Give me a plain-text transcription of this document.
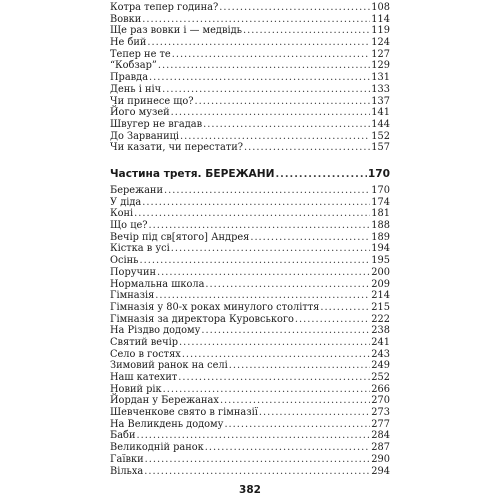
Котра тепер година? .....	108
Вовки .....	114
Ще раз вовки і — медвідь .....	119
Не бий .....	124
Тепер не те .....	127
“Кобзар” .....	129
Правда .....	131
День і ніч .....	133
Чи принесе що? .....	137
Його музей .....	141
Швугер не вгадав .....	144
До Зарваниці .....	152
Чи казати, чи перестати? .....	157
Частина третя. БЕРЕЖАНИ .....	170
Бережани .....	170
У діда .....	174
Коні .....	181
Що це? .....	188
Вечір під св[ятого] Андрея .....	189
Кістка в усі .....	194
Осінь .....	195
Поручин .....	200
Нормальна школа .....	209
Гімназія .....	214
Гімназія у 80-х роках минулого століття .....	215
Гімназія за директора Куровського .....	222
На Різдво додому .....	238
Святий вечір .....	241
Село в гостях .....	243
Зимовий ранок на селі .....	249
Наш катехит .....	252
Новий рік .....	266
Йордан у Бережанах .....	270
Шевченкове свято в гімназії .....	273
На Великдень додому .....	277
Баби .....	284
Великодній ранок .....	287
Гаївки .....	290
Вільха .....	294
382
